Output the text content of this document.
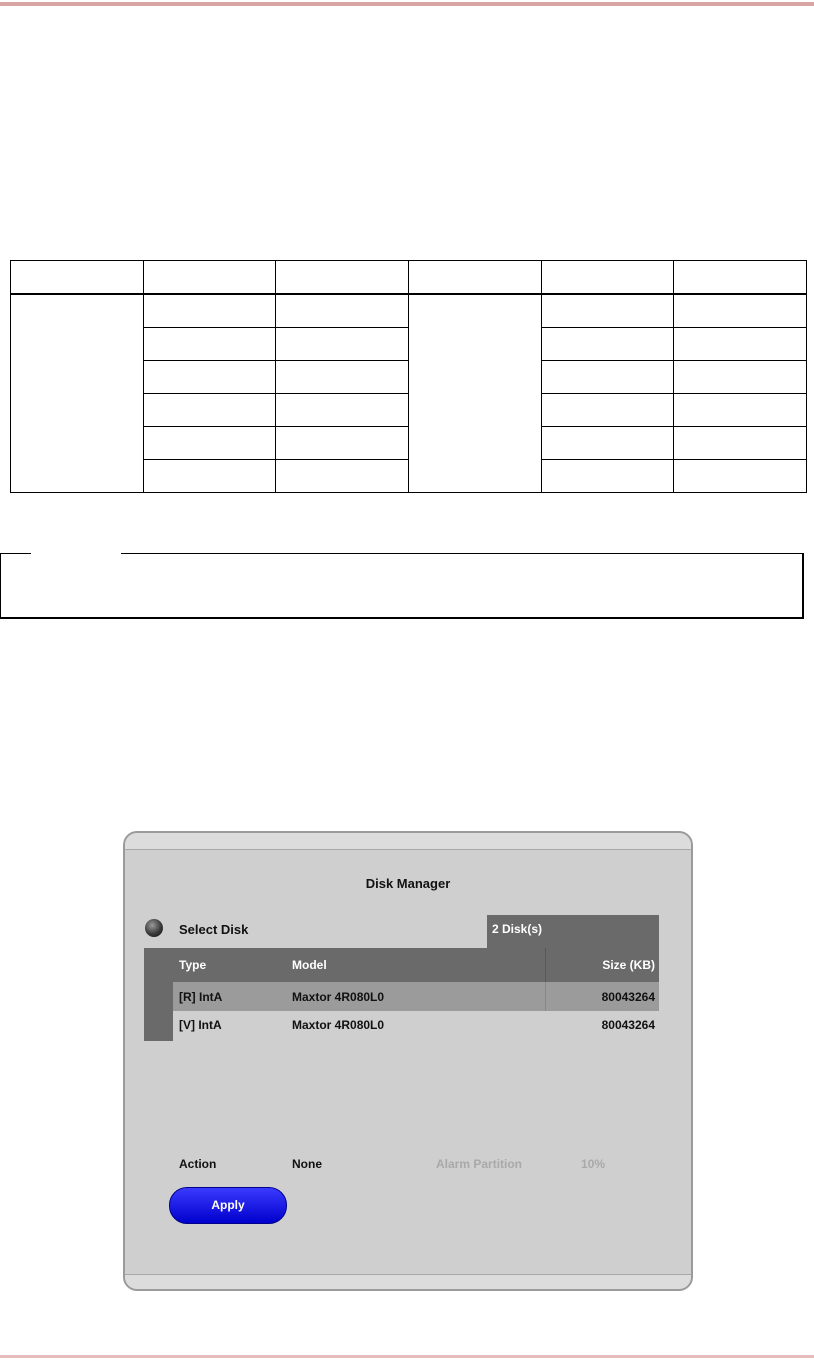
Disk Manager
Select Disk	2 Disk(s)
Type	Model	Size (KB)
[R] IntA	Maxtor 4R080L0	80043264
[V] IntA	Maxtor 4R080L0	80043264
Action	None	Alarm Partition	10%
Apply
